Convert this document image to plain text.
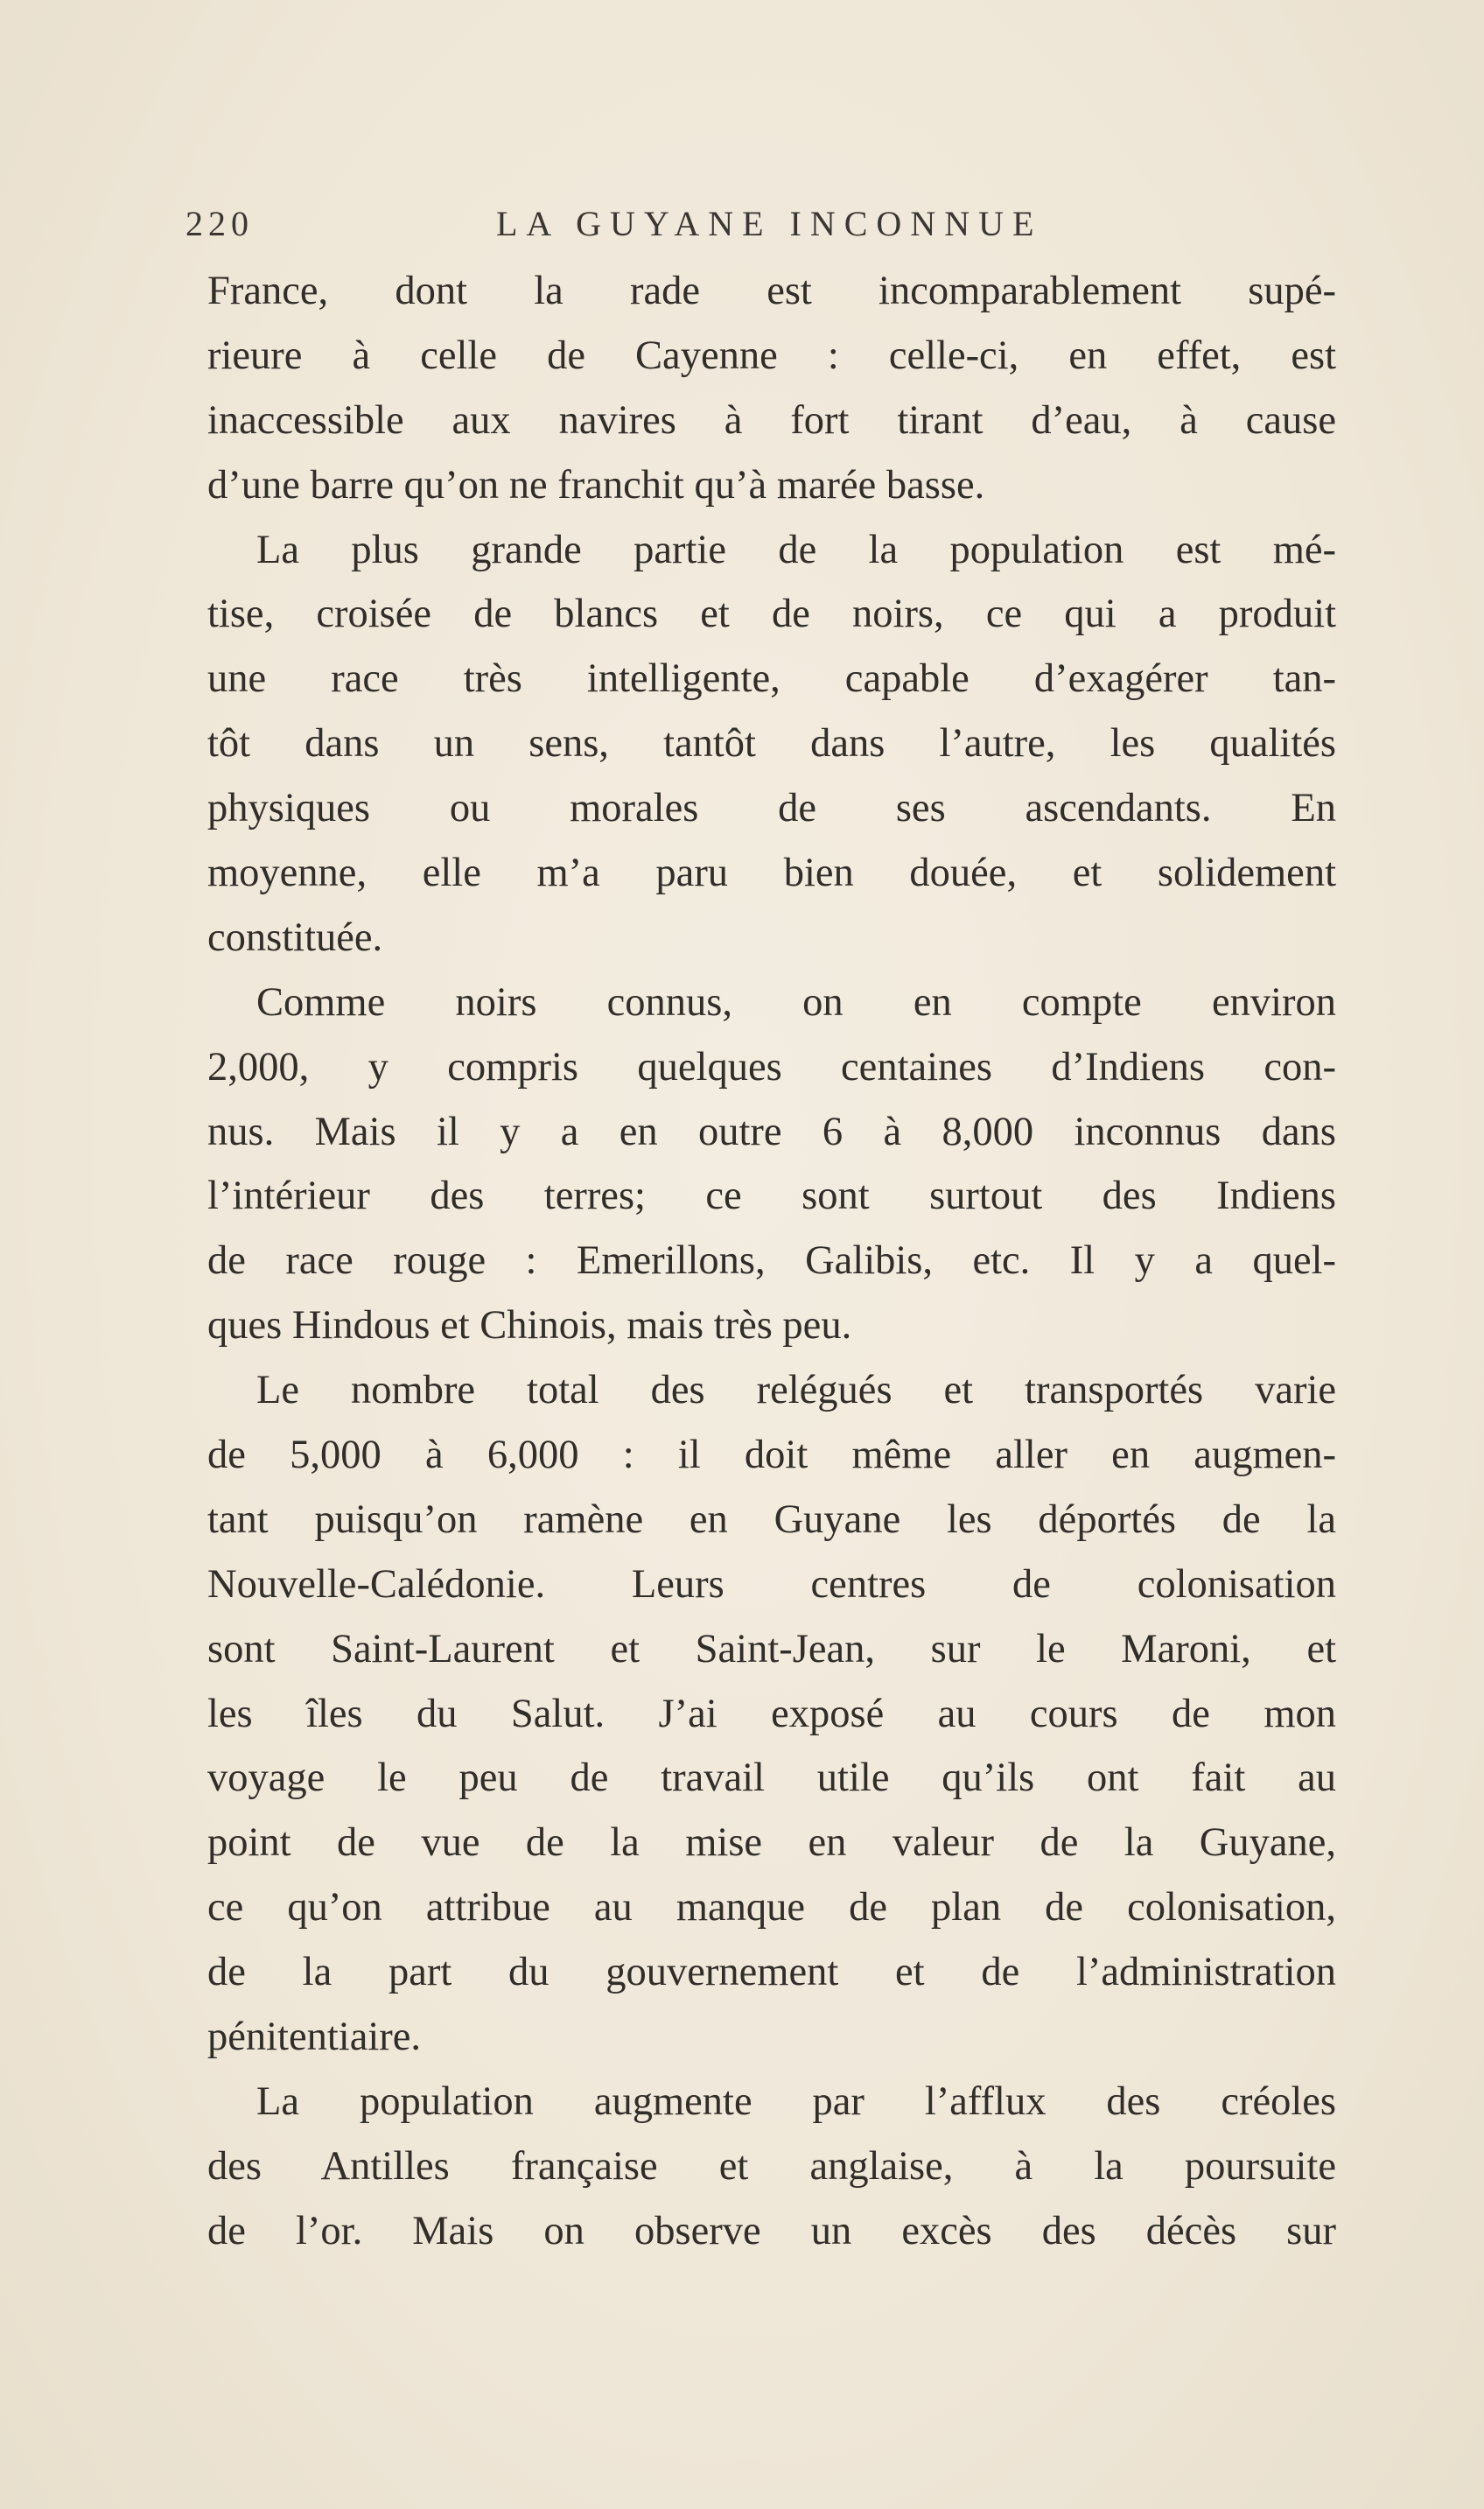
220	LA GUYANE INCONNUE
France, dont la rade est incomparablement supé-
rieure à celle de Cayenne : celle-ci, en effet, est
inaccessible aux navires à fort tirant d’eau, à cause
d’une barre qu’on ne franchit qu’à marée basse.
La plus grande partie de la population est mé-
tise, croisée de blancs et de noirs, ce qui a produit
une race très intelligente, capable d’exagérer tan-
tôt dans un sens, tantôt dans l’autre, les qualités
physiques ou morales de ses ascendants. En
moyenne, elle m’a paru bien douée, et solidement
constituée.
Comme noirs connus, on en compte environ
2,000, y compris quelques centaines d’Indiens con-
nus. Mais il y a en outre 6 à 8,000 inconnus dans
l’intérieur des terres; ce sont surtout des Indiens
de race rouge : Emerillons, Galibis, etc. Il y a quel-
ques Hindous et Chinois, mais très peu.
Le nombre total des relégués et transportés varie
de 5,000 à 6,000 : il doit même aller en augmen-
tant puisqu’on ramène en Guyane les déportés de la
Nouvelle-Calédonie. Leurs centres de colonisation
sont Saint-Laurent et Saint-Jean, sur le Maroni, et
les îles du Salut. J’ai exposé au cours de mon
voyage le peu de travail utile qu’ils ont fait au
point de vue de la mise en valeur de la Guyane,
ce qu’on attribue au manque de plan de colonisation,
de la part du gouvernement et de l’administration
pénitentiaire.
La population augmente par l’afflux des créoles
des Antilles française et anglaise, à la poursuite
de l’or. Mais on observe un excès des décès sur
